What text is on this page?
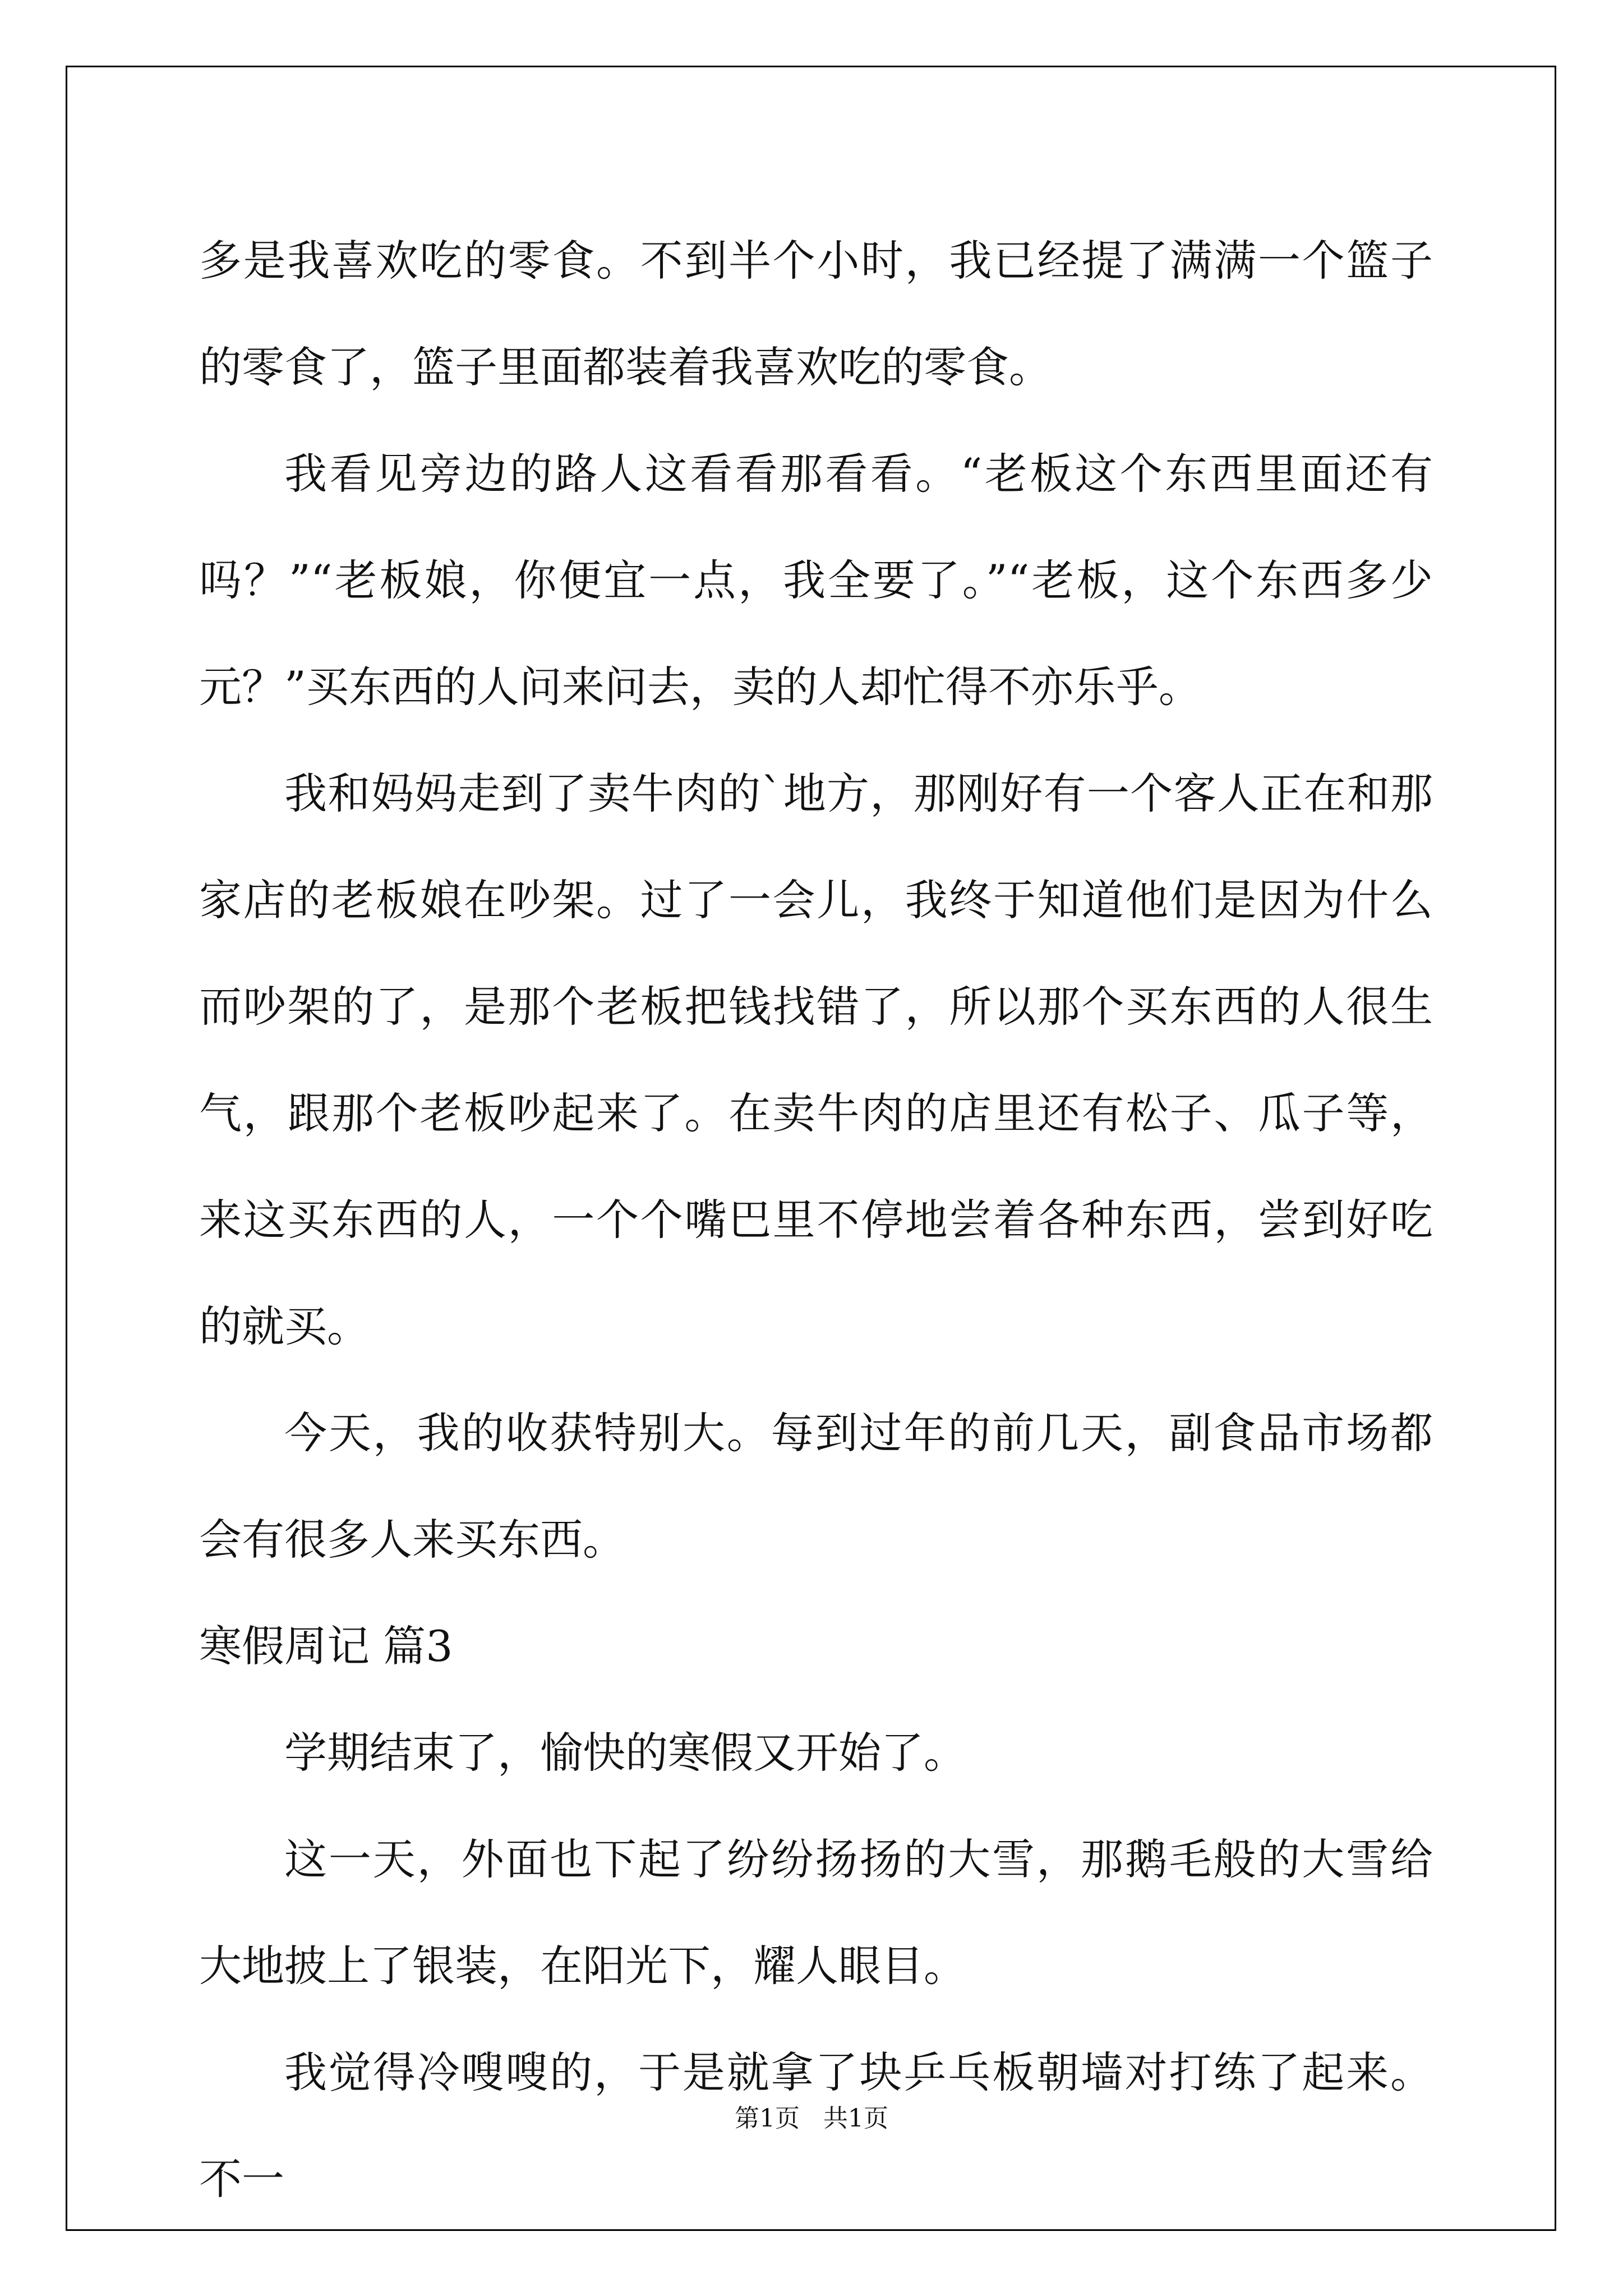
多是我喜欢吃的零食。不到半个小时，我已经提了满满一个篮子的零食了，篮子里面都装着我喜欢吃的零食。

我看见旁边的路人这看看那看看。“老板这个东西里面还有吗？”“老板娘，你便宜一点，我全要了。”“老板，这个东西多少元？”买东西的人问来问去，卖的人却忙得不亦乐乎。

我和妈妈走到了卖牛肉的`地方，那刚好有一个客人正在和那家店的老板娘在吵架。过了一会儿，我终于知道他们是因为什么而吵架的了，是那个老板把钱找错了，所以那个买东西的人很生气，跟那个老板吵起来了。在卖牛肉的店里还有松子、瓜子等，来这买东西的人，一个个嘴巴里不停地尝着各种东西，尝到好吃的就买。

今天，我的收获特别大。每到过年的前几天，副食品市场都会有很多人来买东西。

寒假周记 篇3

学期结束了，愉快的寒假又开始了。

这一天，外面也下起了纷纷扬扬的大雪，那鹅毛般的大雪给大地披上了银装，在阳光下，耀人眼目。

我觉得冷嗖嗖的，于是就拿了块乒乓板朝墙对打练了起来。不一

第1页 共1页
